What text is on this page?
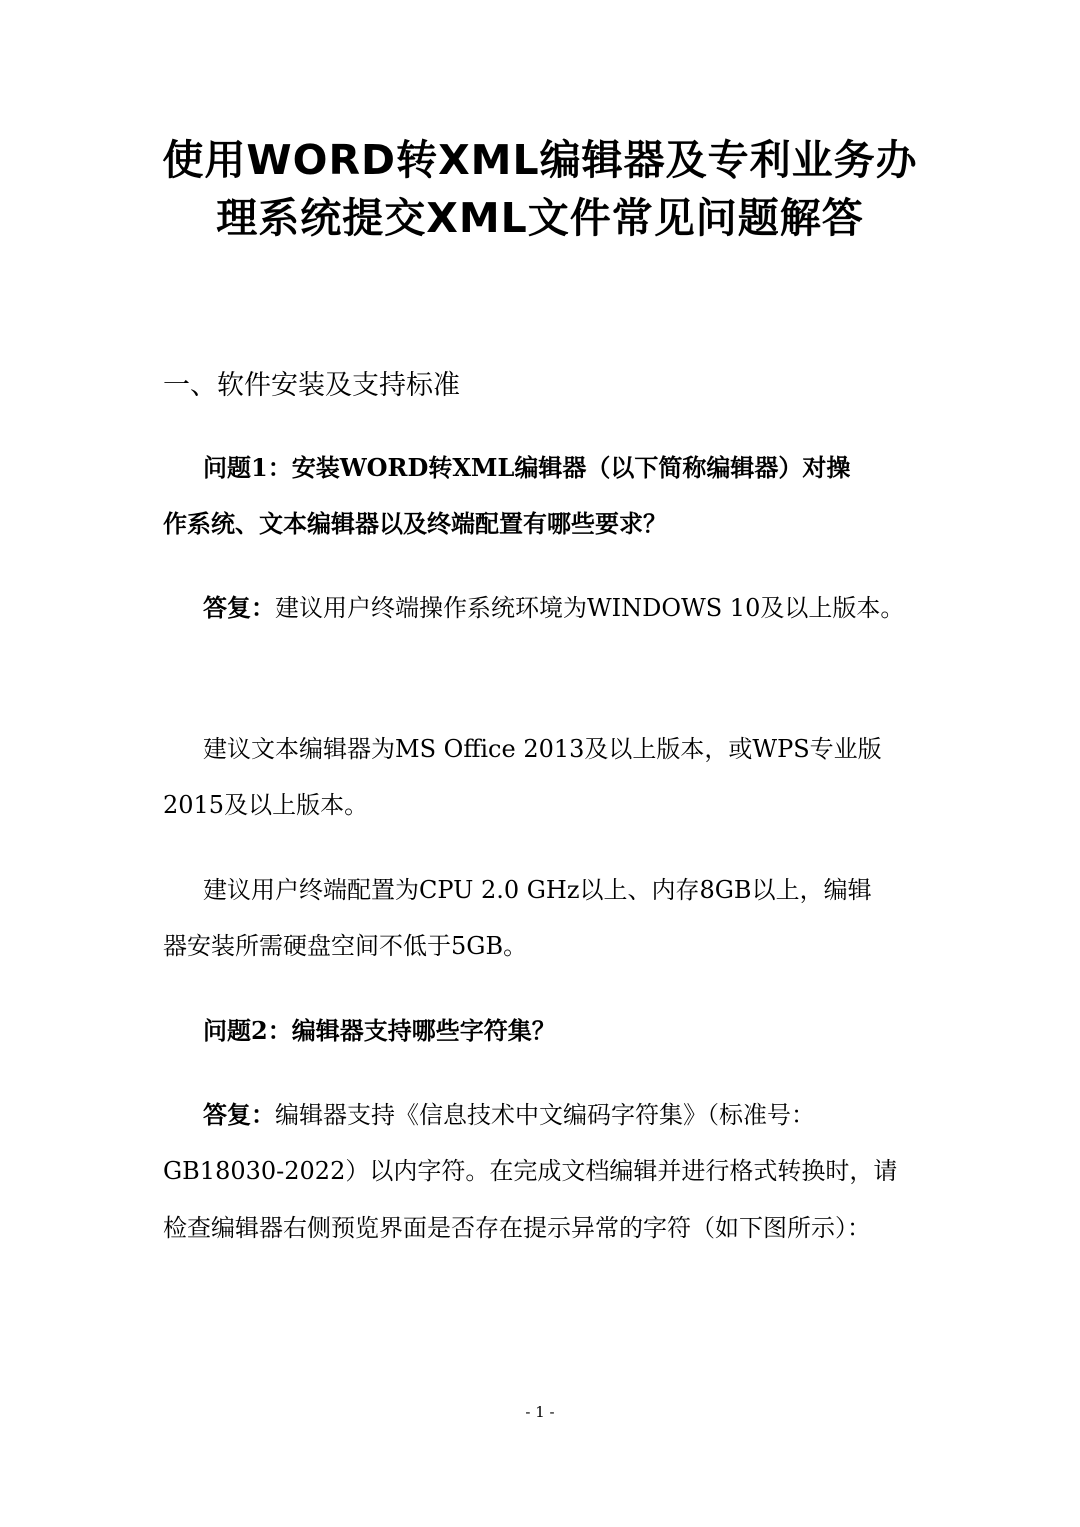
使用WORD转XML编辑器及专利业务办
理系统提交XML文件常见问题解答
一、软件安装及支持标准
问题1：安装WORD转XML编辑器（以下简称编辑器）对操
作系统、文本编辑器以及终端配置有哪些要求？
答复：建议用户终端操作系统环境为WINDOWS 10及以上版本。
建议文本编辑器为MS Office 2013及以上版本，或WPS专业版
2015及以上版本。
建议用户终端配置为CPU 2.0 GHz以上、内存8GB以上，编辑
器安装所需硬盘空间不低于5GB。
问题2：编辑器支持哪些字符集？
答复：编辑器支持《信息技术中文编码字符集》（标准号：
GB18030-2022）以内字符。在完成文档编辑并进行格式转换时，请
检查编辑器右侧预览界面是否存在提示异常的字符（如下图所示）：
- 1 -
